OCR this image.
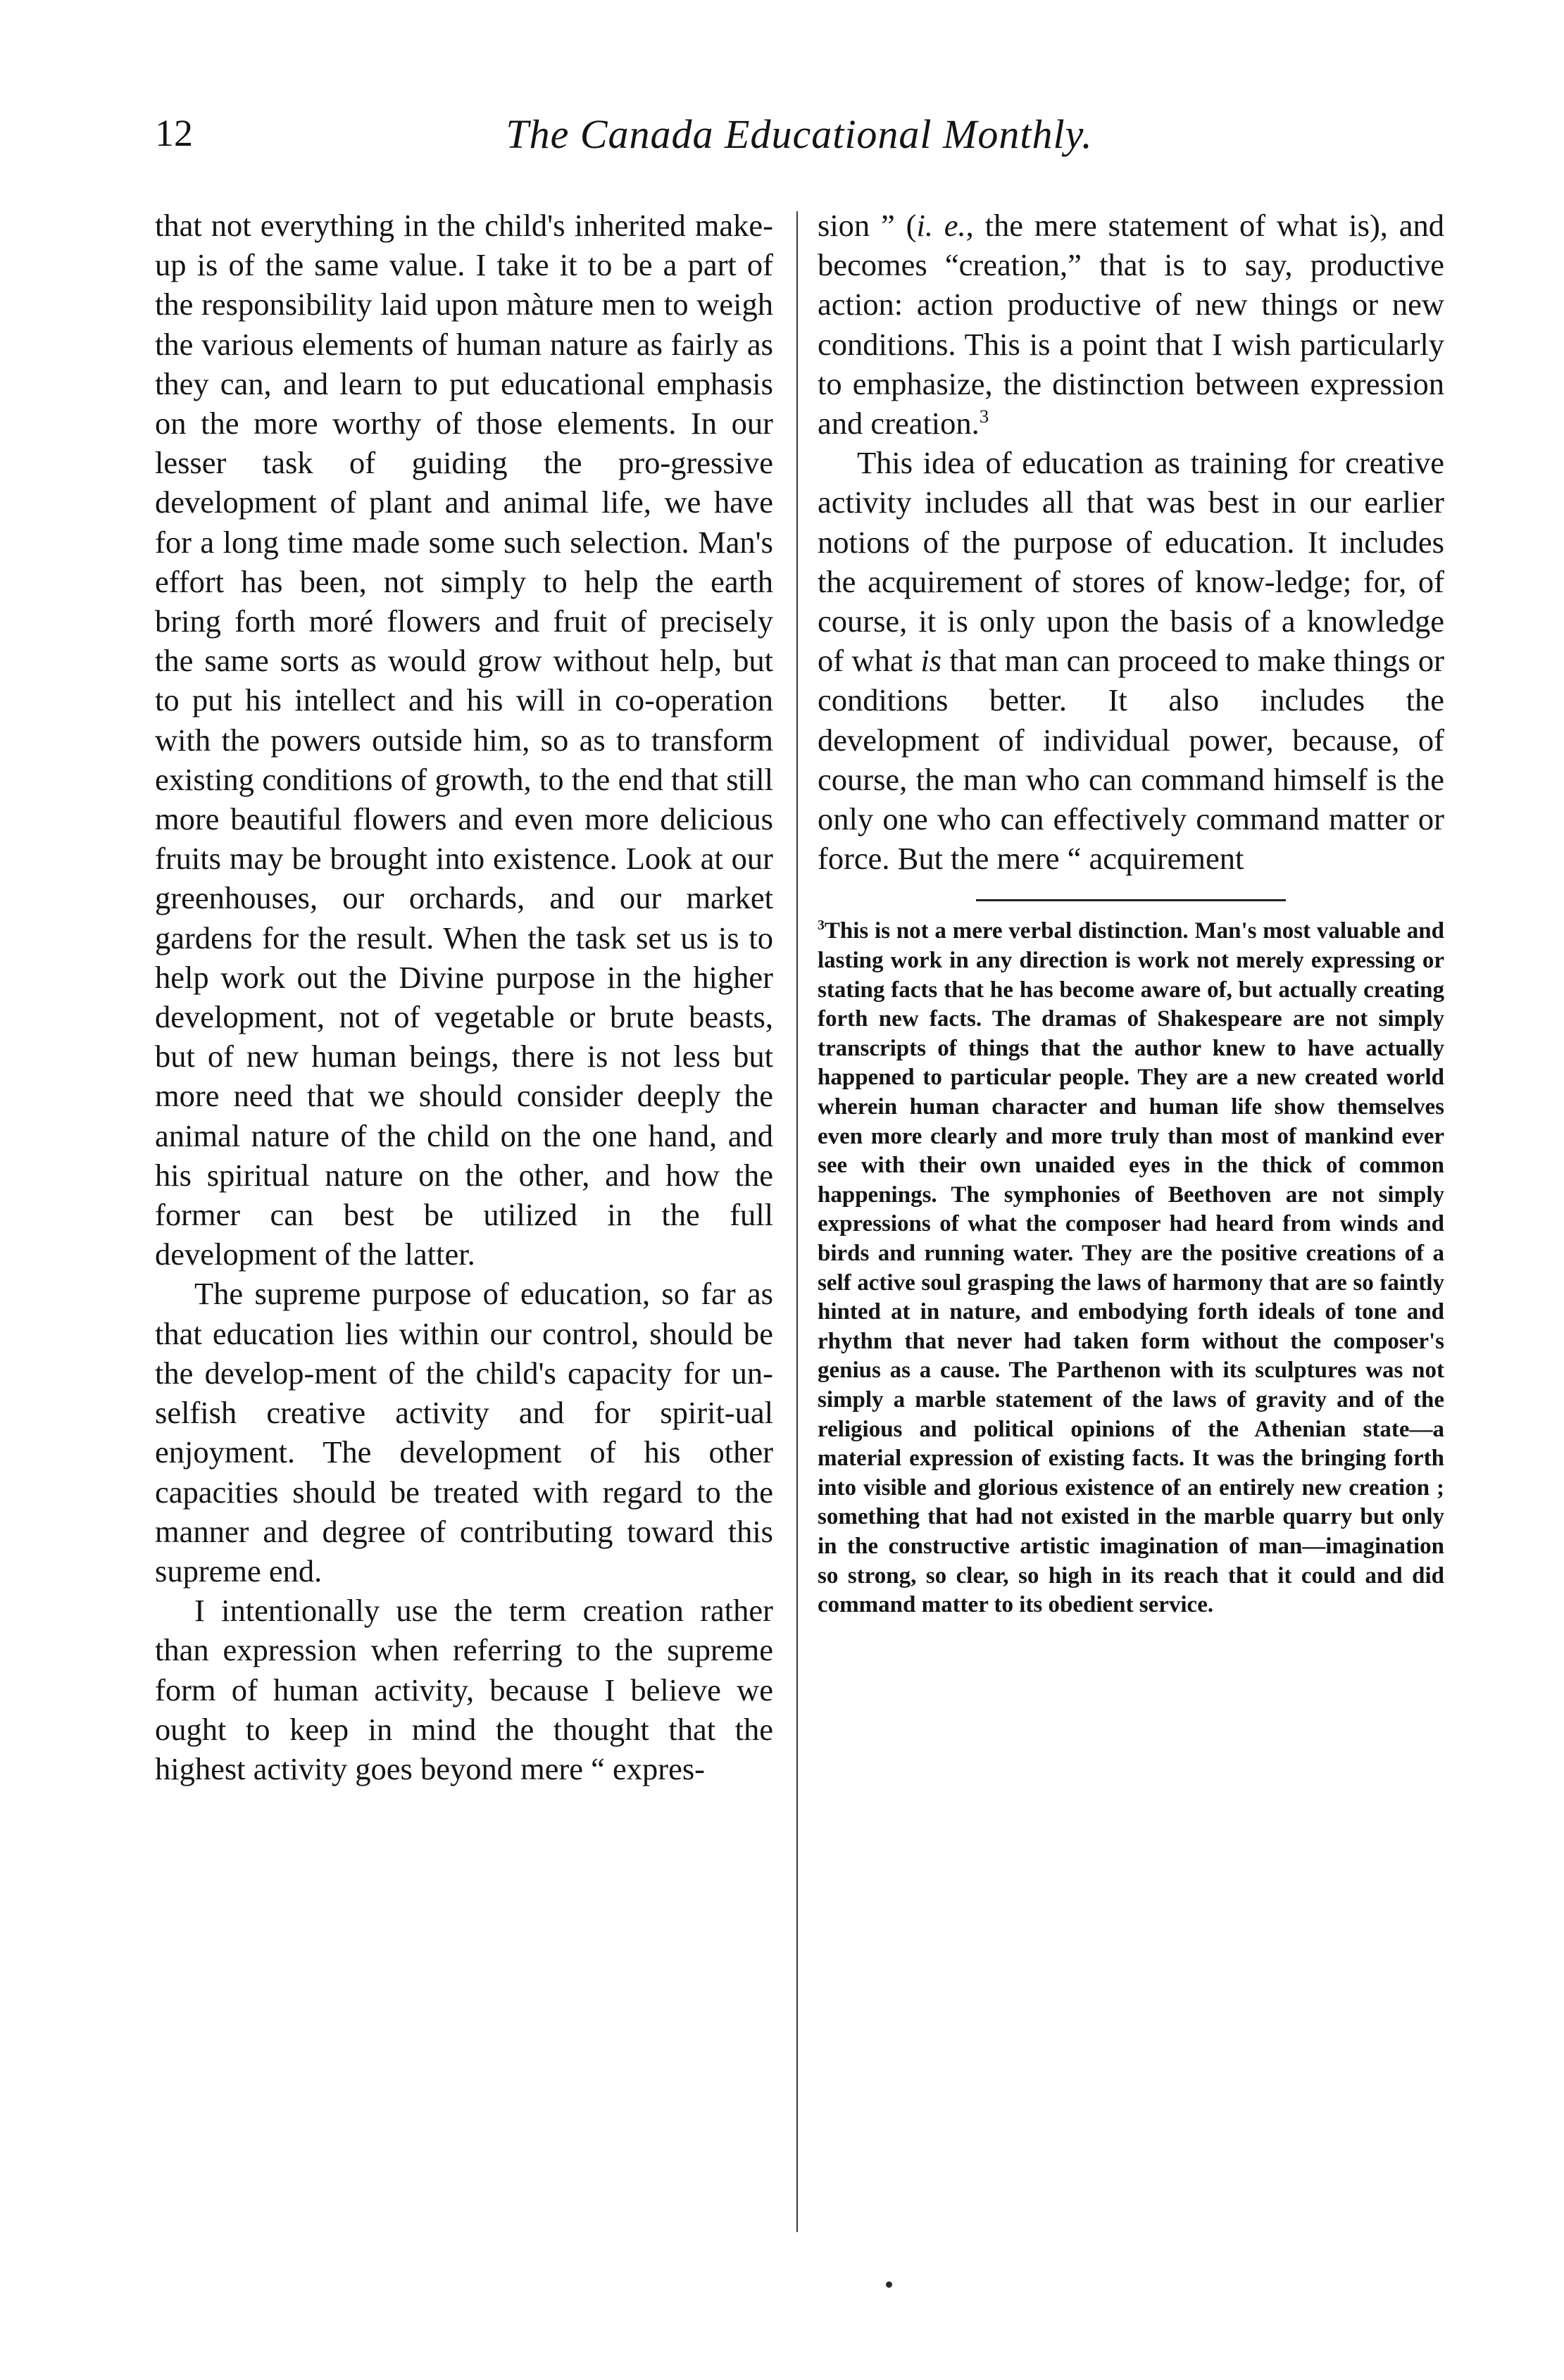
12	The Canada Educational Monthly.

that not everything in the child's inherited make-up is of the same value. I take it to be a part of the responsibility laid upon màture men to weigh the various elements of human nature as fairly as they can, and learn to put educational emphasis on the more worthy of those elements. In our lesser task of guiding the pro-gressive development of plant and animal life, we have for a long time made some such selection. Man's effort has been, not simply to help the earth bring forth moré flowers and fruit of precisely the same sorts as would grow without help, but to put his intellect and his will in co-operation with the powers outside him, so as to transform existing conditions of growth, to the end that still more beautiful flowers and even more delicious fruits may be brought into existence. Look at our greenhouses, our orchards, and our market gardens for the result. When the task set us is to help work out the Divine purpose in the higher development, not of vegetable or brute beasts, but of new human beings, there is not less but more need that we should consider deeply the animal nature of the child on the one hand, and his spiritual nature on the other, and how the former can best be utilized in the full development of the latter.

The supreme purpose of education, so far as that education lies within our control, should be the develop-ment of the child's capacity for un-selfish creative activity and for spirit-ual enjoyment. The development of his other capacities should be treated with regard to the manner and degree of contributing toward this supreme end.

I intentionally use the term creation rather than expression when referring to the supreme form of human activity, because I believe we ought to keep in mind the thought that the highest activity goes beyond mere “ expres-

sion ” (i. e., the mere statement of what is), and becomes “creation,” that is to say, productive action: action productive of new things or new conditions. This is a point that I wish particularly to emphasize, the distinction between expression and creation.$^3$

This idea of education as training for creative activity includes all that was best in our earlier notions of the purpose of education. It includes the acquirement of stores of know-ledge; for, of course, it is only upon the basis of a knowledge of what is that man can proceed to make things or conditions better. It also includes the development of individual power, because, of course, the man who can command himself is the only one who can effectively command matter or force. But the mere “ acquirement

$^3$This is not a mere verbal distinction. Man's most valuable and lasting work in any direction is work not merely expressing or stating facts that he has become aware of, but actually creating forth new facts. The dramas of Shakespeare are not simply transcripts of things that the author knew to have actually happened to particular people. They are a new created world wherein human character and human life show themselves even more clearly and more truly than most of mankind ever see with their own unaided eyes in the thick of common happenings. The symphonies of Beethoven are not simply expressions of what the composer had heard from winds and birds and running water. They are the positive creations of a self active soul grasping the laws of harmony that are so faintly hinted at in nature, and embodying forth ideals of tone and rhythm that never had taken form without the composer's genius as a cause. The Parthenon with its sculptures was not simply a marble statement of the laws of gravity and of the religious and political opinions of the Athenian state—a material expression of existing facts. It was the bringing forth into visible and glorious existence of an entirely new creation ; something that had not existed in the marble quarry but only in the constructive artistic imagination of man—imagination so strong, so clear, so high in its reach that it could and did command matter to its obedient service.
